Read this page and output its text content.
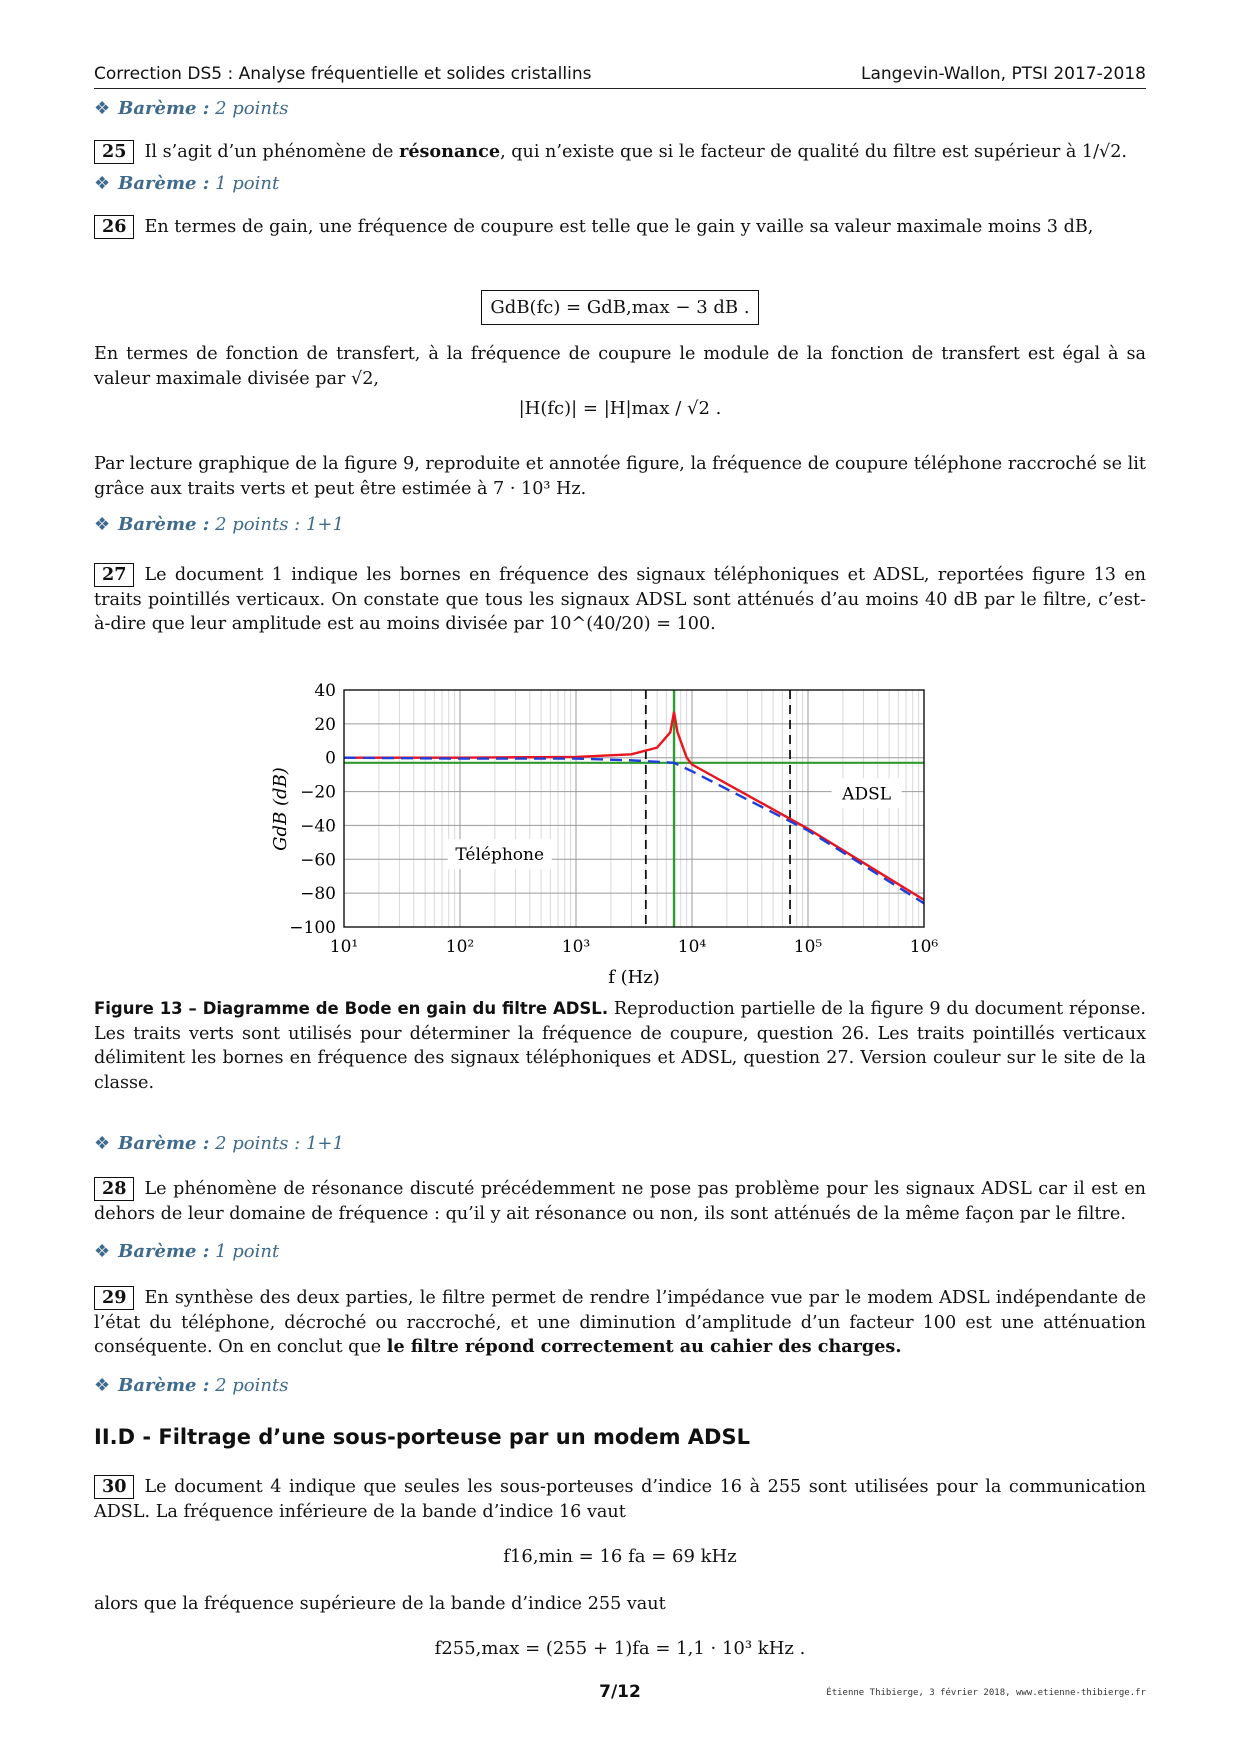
Correction DS5 : Analyse fréquentielle et solides cristallins	Langevin-Wallon, PTSI 2017-2018
❖ Barème : 2 points
25 Il s’agit d’un phénomène de résonance, qui n’existe que si le facteur de qualité du filtre est supérieur à 1/√2.
❖ Barème : 1 point
26 En termes de gain, une fréquence de coupure est telle que le gain y vaille sa valeur maximale moins 3 dB,
GdB(fc) = GdB,max − 3 dB .
En termes de fonction de transfert, à la fréquence de coupure le module de la fonction de transfert est égal à sa valeur maximale divisée par √2,
|H(fc)| = |H|max / √2 .
Par lecture graphique de la figure 9, reproduite et annotée figure, la fréquence de coupure téléphone raccroché se lit grâce aux traits verts et peut être estimée à 7 · 10³ Hz.
❖ Barème : 2 points : 1+1
27 Le document 1 indique les bornes en fréquence des signaux téléphoniques et ADSL, reportées figure 13 en traits pointillés verticaux. On constate que tous les signaux ADSL sont atténués d’au moins 40 dB par le filtre, c’est-à-dire que leur amplitude est au moins divisée par 10^(40/20) = 100.
40
20
0
−20
−40
−60
−80
−100
10¹	10²	10³	10⁴	10⁵	10⁶
Téléphone
ADSL
f (Hz)
GdB (dB)
Figure 13 – Diagramme de Bode en gain du filtre ADSL. Reproduction partielle de la figure 9 du document réponse. Les traits verts sont utilisés pour déterminer la fréquence de coupure, question 26. Les traits pointillés verticaux délimitent les bornes en fréquence des signaux téléphoniques et ADSL, question 27. Version couleur sur le site de la classe.
❖ Barème : 2 points : 1+1
28 Le phénomène de résonance discuté précédemment ne pose pas problème pour les signaux ADSL car il est en dehors de leur domaine de fréquence : qu’il y ait résonance ou non, ils sont atténués de la même façon par le filtre.
❖ Barème : 1 point
29 En synthèse des deux parties, le filtre permet de rendre l’impédance vue par le modem ADSL indépendante de l’état du téléphone, décroché ou raccroché, et une diminution d’amplitude d’un facteur 100 est une atténuation conséquente. On en conclut que le filtre répond correctement au cahier des charges.
❖ Barème : 2 points
II.D - Filtrage d’une sous-porteuse par un modem ADSL
30 Le document 4 indique que seules les sous-porteuses d’indice 16 à 255 sont utilisées pour la communication ADSL. La fréquence inférieure de la bande d’indice 16 vaut
f16,min = 16 fa = 69 kHz
alors que la fréquence supérieure de la bande d’indice 255 vaut
f255,max = (255 + 1)fa = 1,1 · 10³ kHz .
7/12	Étienne Thibierge, 3 février 2018, www.etienne-thibierge.fr
